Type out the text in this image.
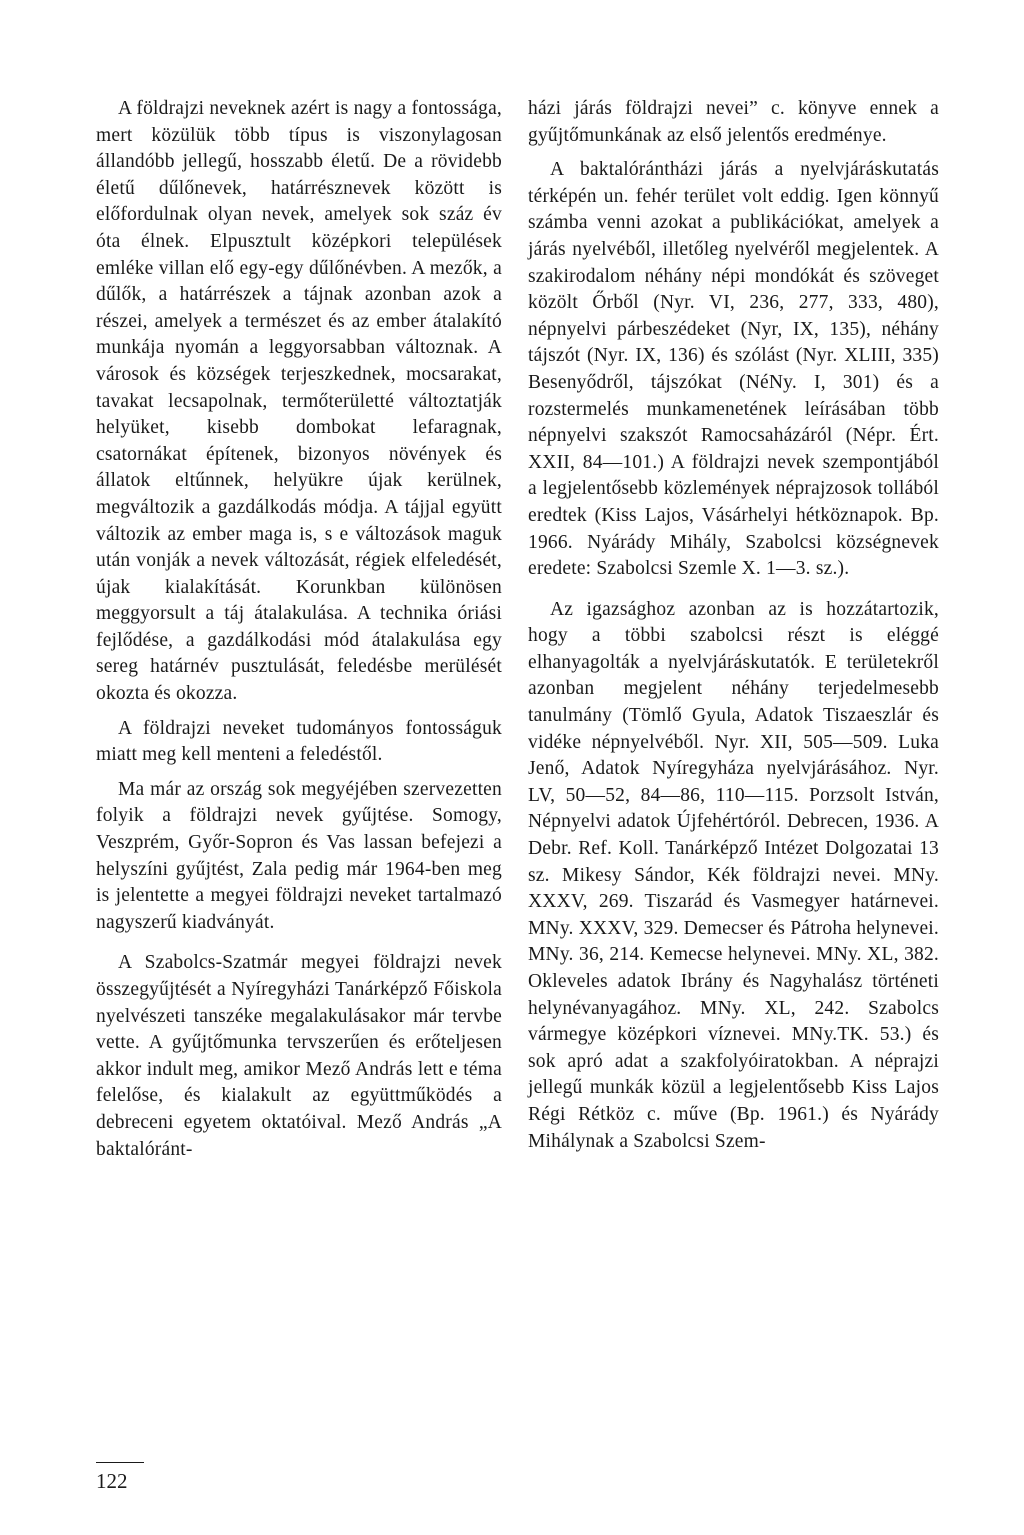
A földrajzi neveknek azért is nagy a fontossága, mert közülük több típus is viszonylagosan állandóbb jellegű, hosszabb életű. De a rövidebb életű dűlőnevek, határrésznevek között is előfordulnak olyan nevek, amelyek sok száz év óta élnek. Elpusztult középkori települések emléke villan elő egy-egy dűlőnévben. A mezők, a dűlők, a határrészek a tájnak azonban azok a részei, amelyek a természet és az ember átalakító munkája nyomán a leggyorsabban változnak. A városok és községek terjeszkednek, mocsarakat, tavakat lecsapolnak, termőterületté változtatják helyüket, kisebb dombokat lefaragnak, csatornákat építenek, bizonyos növények és állatok eltűnnek, helyükre újak kerülnek, megváltozik a gazdálkodás módja. A tájjal együtt változik az ember maga is, s e változások maguk után vonják a nevek változását, régiek elfeledését, újak kialakítását. Korunkban különösen meggyorsult a táj átalakulása. A technika óriási fejlődése, a gazdálkodási mód átalakulása egy sereg határnév pusztulását, feledésbe merülését okozta és okozza.

A földrajzi neveket tudományos fontosságuk miatt meg kell menteni a feledéstől.

Ma már az ország sok megyéjében szervezetten folyik a földrajzi nevek gyűjtése. Somogy, Veszprém, Győr-Sopron és Vas lassan befejezi a helyszíni gyűjtést, Zala pedig már 1964-ben meg is jelentette a megyei földrajzi neveket tartalmazó nagyszerű kiadványát.

A Szabolcs-Szatmár megyei földrajzi nevek összegyűjtését a Nyíregyházi Tanárképző Főiskola nyelvészeti tanszéke megalakulásakor már tervbe vette. A gyűjtőmunka tervszerűen és erőteljesen akkor indult meg, amikor Mező András lett e téma felelőse, és kialakult az együttműködés a debreceni egyetem oktatóival. Mező András „A baktalóránt-

házi járás földrajzi nevei” c. könyve ennek a gyűjtőmunkának az első jelentős eredménye.

A baktalórántházi járás a nyelvjáráskutatás térképén un. fehér terület volt eddig. Igen könnyű számba venni azokat a publikációkat, amelyek a járás nyelvéből, illetőleg nyelvéről megjelentek. A szakirodalom néhány népi mondókát és szöveget közölt Őrből (Nyr. VI, 236, 277, 333, 480), népnyelvi párbeszédeket (Nyr, IX, 135), néhány tájszót (Nyr. IX, 136) és szólást (Nyr. XLIII, 335) Besenyődről, tájszókat (NéNy. I, 301) és a rozstermelés munkamenetének leírásában több népnyelvi szakszót Ramocsaházáról (Népr. Ért. XXII, 84—101.) A földrajzi nevek szempontjából a legjelentősebb közlemények néprajzosok tollából eredtek (Kiss Lajos, Vásárhelyi hétköznapok. Bp. 1966. Nyárády Mihály, Szabolcsi községnevek eredete: Szabolcsi Szemle X. 1—3. sz.).

Az igazsághoz azonban az is hozzátartozik, hogy a többi szabolcsi részt is eléggé elhanyagolták a nyelvjáráskutatók. E területekről azonban megjelent néhány terjedelmesebb tanulmány (Tömlő Gyula, Adatok Tiszaeszlár és vidéke népnyelvéből. Nyr. XII, 505—509. Luka Jenő, Adatok Nyíregyháza nyelvjárásához. Nyr. LV, 50—52, 84—86, 110—115. Porzsolt István, Népnyelvi adatok Újfehértóról. Debrecen, 1936. A Debr. Ref. Koll. Tanárképző Intézet Dolgozatai 13 sz. Mikesy Sándor, Kék földrajzi nevei. MNy. XXXV, 269. Tiszarád és Vasmegyer határnevei. MNy. XXXV, 329. Demecser és Pátroha helynevei. MNy. 36, 214. Kemecse helynevei. MNy. XL, 382. Okleveles adatok Ibrány és Nagyhalász történeti helynévanyagához. MNy. XL, 242. Szabolcs vármegye középkori víznevei. MNy.TK. 53.) és sok apró adat a szakfolyóiratokban. A néprajzi jellegű munkák közül a legjelentősebb Kiss Lajos Régi Rétköz c. műve (Bp. 1961.) és Nyárády Mihálynak a Szabolcsi Szem-

122
